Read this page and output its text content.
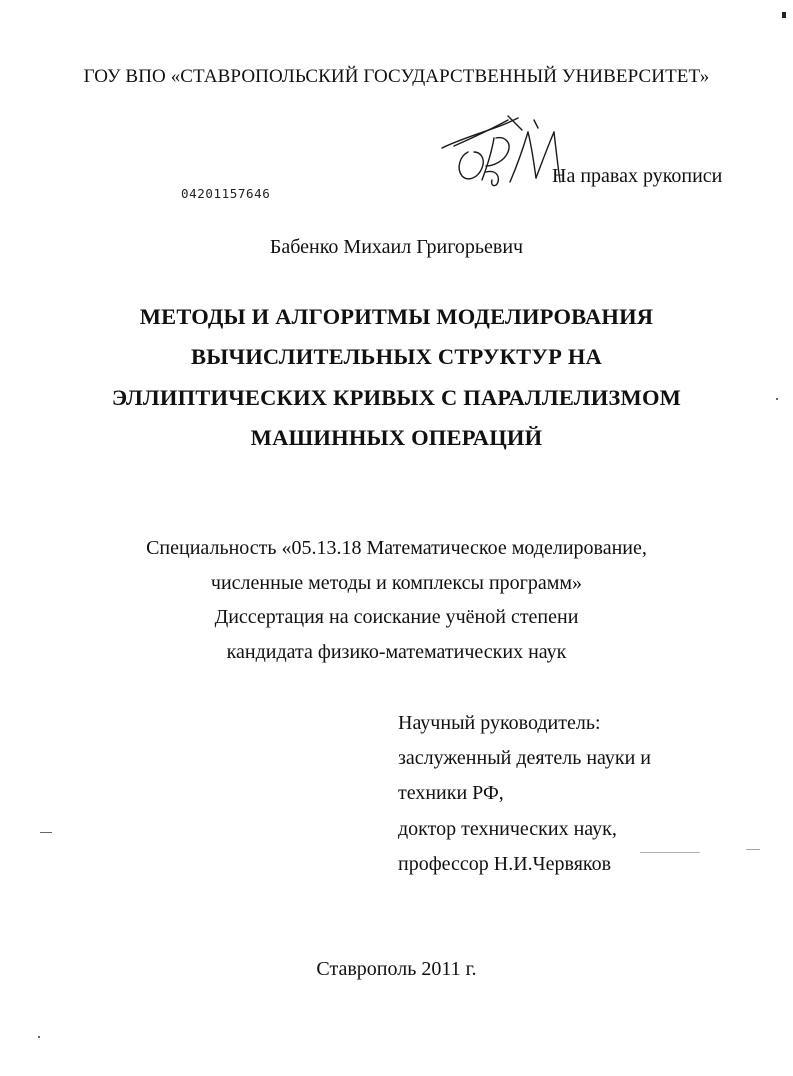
ГОУ ВПО «СТАВРОПОЛЬСКИЙ ГОСУДАРСТВЕННЫЙ УНИВЕРСИТЕТ»
На правах рукописи
04201157646
Бабенко Михаил Григорьевич
МЕТОДЫ И АЛГОРИТМЫ МОДЕЛИРОВАНИЯ
ВЫЧИСЛИТЕЛЬНЫХ СТРУКТУР НА
ЭЛЛИПТИЧЕСКИХ КРИВЫХ С ПАРАЛЛЕЛИЗМОМ
МАШИННЫХ ОПЕРАЦИЙ
Специальность «05.13.18 Математическое моделирование,
численные методы и комплексы программ»
Диссертация на соискание учёной степени
кандидата физико-математических наук
Научный руководитель:
заслуженный деятель науки и
техники РФ,
доктор технических наук,
профессор Н.И.Червяков
Ставрополь 2011 г.
